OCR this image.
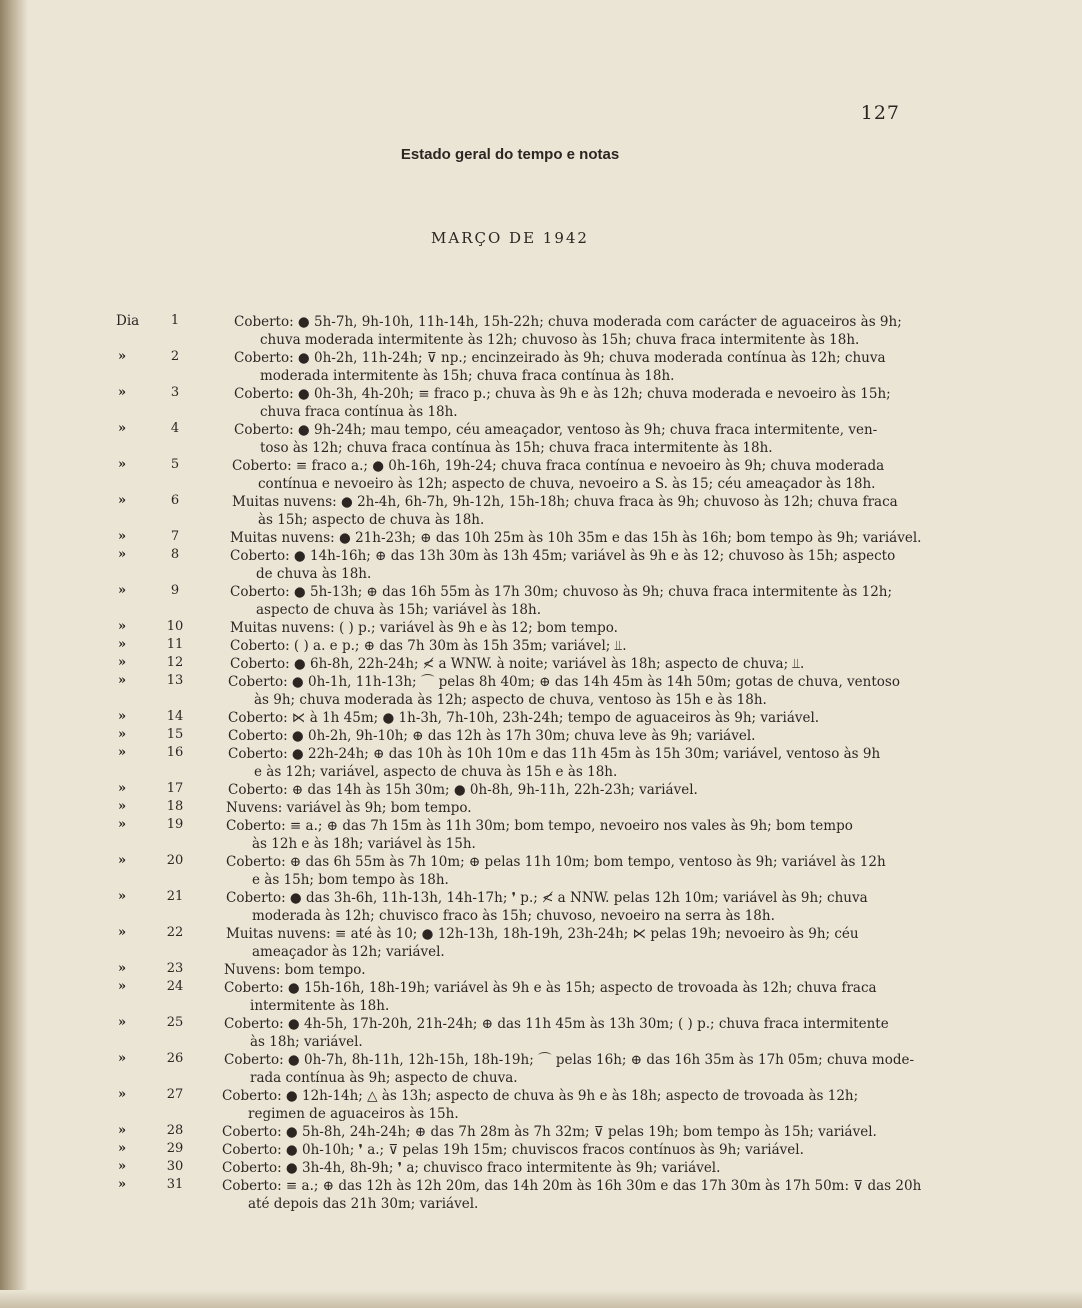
127
Estado geral do tempo e notas
MARÇO DE 1942
Dia	1	Coberto: ● 5h-7h, 9h-10h, 11h-14h, 15h-22h; chuva moderada com carácter de aguaceiros às 9h;
chuva moderada intermitente às 12h; chuvoso às 15h; chuva fraca intermitente às 18h.
»	2	Coberto: ● 0h-2h, 11h-24h; ⊽ np.; encinzeirado às 9h; chuva moderada contínua às 12h; chuva
moderada intermitente às 15h; chuva fraca contínua às 18h.
»	3	Coberto: ● 0h-3h, 4h-20h; ≡ fraco p.; chuva às 9h e às 12h; chuva moderada e nevoeiro às 15h;
chuva fraca contínua às 18h.
»	4	Coberto: ● 9h-24h; mau tempo, céu ameaçador, ventoso às 9h; chuva fraca intermitente, ven-
toso às 12h; chuva fraca contínua às 15h; chuva fraca intermitente às 18h.
»	5	Coberto: ≡ fraco a.; ● 0h-16h, 19h-24; chuva fraca contínua e nevoeiro às 9h; chuva moderada
contínua e nevoeiro às 12h; aspecto de chuva, nevoeiro a S. às 15; céu ameaçador às 18h.
»	6	Muitas nuvens: ● 2h-4h, 6h-7h, 9h-12h, 15h-18h; chuva fraca às 9h; chuvoso às 12h; chuva fraca
às 15h; aspecto de chuva às 18h.
»	7	Muitas nuvens: ● 21h-23h; ⊕ das 10h 25m às 10h 35m e das 15h às 16h; bom tempo às 9h; variável.
»	8	Coberto: ● 14h-16h; ⊕ das 13h 30m às 13h 45m; variável às 9h e às 12; chuvoso às 15h; aspecto
de chuva às 18h.
»	9	Coberto: ● 5h-13h; ⊕ das 16h 55m às 17h 30m; chuvoso às 9h; chuva fraca intermitente às 12h;
aspecto de chuva às 15h; variável às 18h.
»	10	Muitas nuvens: ( ) p.; variável às 9h e às 12; bom tempo.
»	11	Coberto: ( ) a. e p.; ⊕ das 7h 30m às 15h 35m; variável; ⫫.
»	12	Coberto: ● 6h-8h, 22h-24h; ≮ a WNW. à noite; variável às 18h; aspecto de chuva; ⫫.
»	13	Coberto: ● 0h-1h, 11h-13h; ⌒ pelas 8h 40m; ⊕ das 14h 45m às 14h 50m; gotas de chuva, ventoso
às 9h; chuva moderada às 12h; aspecto de chuva, ventoso às 15h e às 18h.
»	14	Coberto: ⋉ à 1h 45m; ● 1h-3h, 7h-10h, 23h-24h; tempo de aguaceiros às 9h; variável.
»	15	Coberto: ● 0h-2h, 9h-10h; ⊕ das 12h às 17h 30m; chuva leve às 9h; variável.
»	16	Coberto: ● 22h-24h; ⊕ das 10h às 10h 10m e das 11h 45m às 15h 30m; variável, ventoso às 9h
e às 12h; variável, aspecto de chuva às 15h e às 18h.
»	17	Coberto: ⊕ das 14h às 15h 30m; ● 0h-8h, 9h-11h, 22h-23h; variável.
»	18	Nuvens: variável às 9h; bom tempo.
»	19	Coberto: ≡ a.; ⊕ das 7h 15m às 11h 30m; bom tempo, nevoeiro nos vales às 9h; bom tempo
às 12h e às 18h; variável às 15h.
»	20	Coberto: ⊕ das 6h 55m às 7h 10m; ⊕ pelas 11h 10m; bom tempo, ventoso às 9h; variável às 12h
e às 15h; bom tempo às 18h.
»	21	Coberto: ● das 3h-6h, 11h-13h, 14h-17h; ❜ p.; ≮ a NNW. pelas 12h 10m; variável às 9h; chuva
moderada às 12h; chuvisco fraco às 15h; chuvoso, nevoeiro na serra às 18h.
»	22	Muitas nuvens: ≡ até às 10; ● 12h-13h, 18h-19h, 23h-24h; ⋉ pelas 19h; nevoeiro às 9h; céu
ameaçador às 12h; variável.
»	23	Nuvens: bom tempo.
»	24	Coberto: ● 15h-16h, 18h-19h; variável às 9h e às 15h; aspecto de trovoada às 12h; chuva fraca
intermitente às 18h.
»	25	Coberto: ● 4h-5h, 17h-20h, 21h-24h; ⊕ das 11h 45m às 13h 30m; ( ) p.; chuva fraca intermitente
às 18h; variável.
»	26	Coberto: ● 0h-7h, 8h-11h, 12h-15h, 18h-19h; ⌒ pelas 16h; ⊕ das 16h 35m às 17h 05m; chuva mode-
rada contínua às 9h; aspecto de chuva.
»	27	Coberto: ● 12h-14h; △ às 13h; aspecto de chuva às 9h e às 18h; aspecto de trovoada às 12h;
regimen de aguaceiros às 15h.
»	28	Coberto: ● 5h-8h, 24h-24h; ⊕ das 7h 28m às 7h 32m; ⊽ pelas 19h; bom tempo às 15h; variável.
»	29	Coberto: ● 0h-10h; ❜ a.; ⊽ pelas 19h 15m; chuviscos fracos contínuos às 9h; variável.
»	30	Coberto: ● 3h-4h, 8h-9h; ❜ a; chuvisco fraco intermitente às 9h; variável.
»	31	Coberto: ≡ a.; ⊕ das 12h às 12h 20m, das 14h 20m às 16h 30m e das 17h 30m às 17h 50m: ⊽ das 20h
até depois das 21h 30m; variável.
